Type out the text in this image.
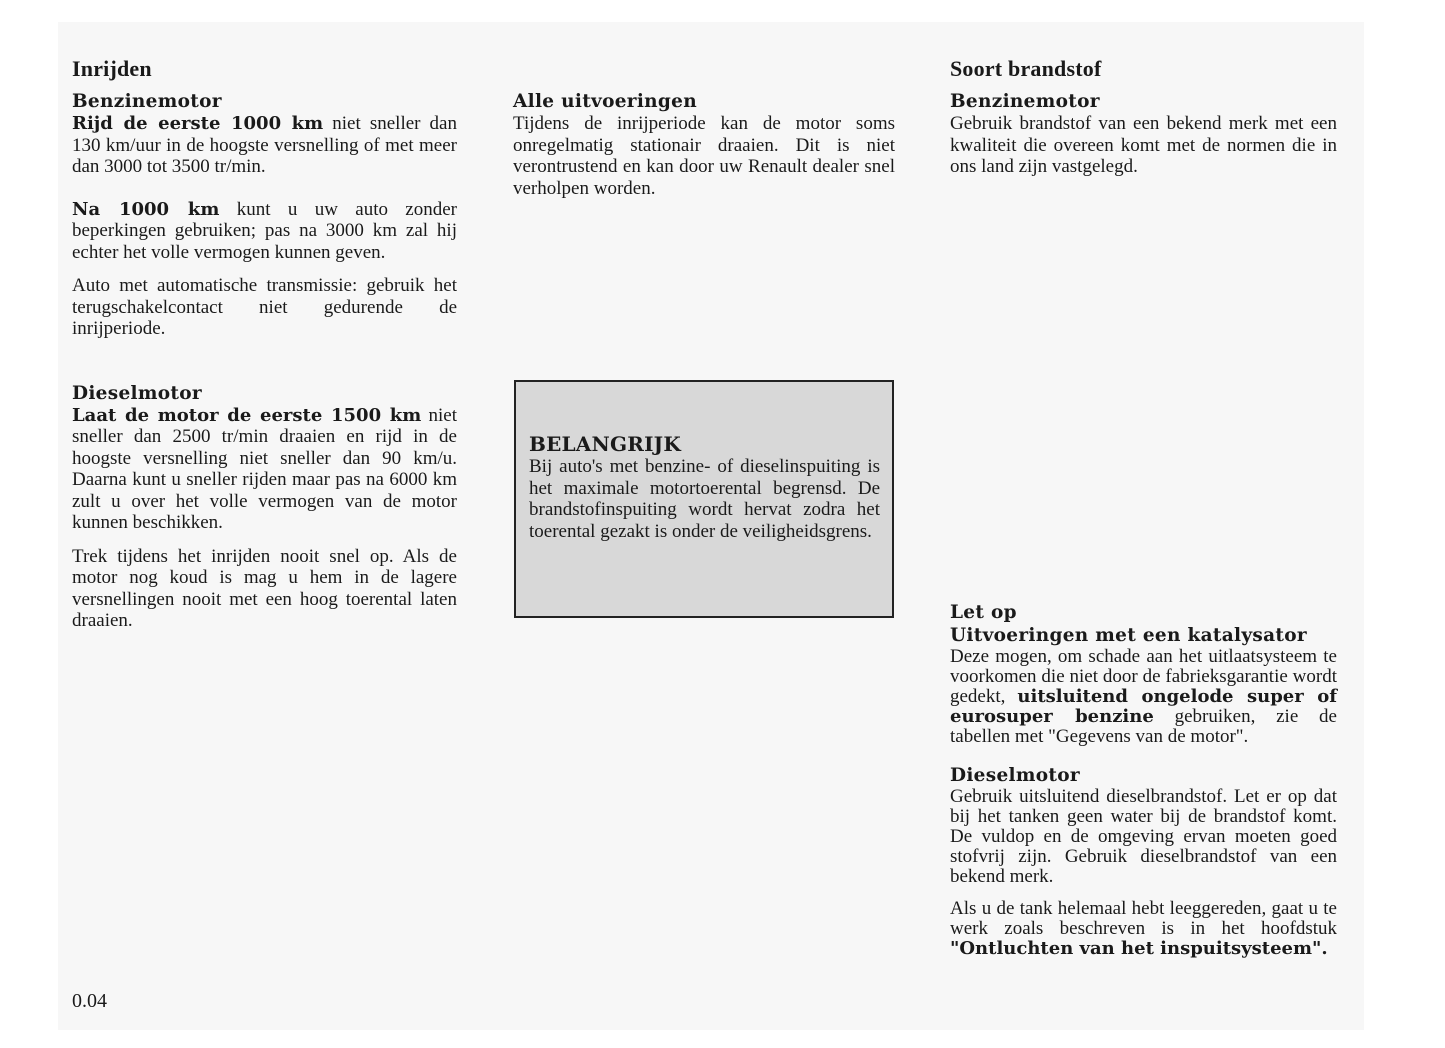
Inrijden
Benzinemotor

Rijd de eerste 1000 km niet sneller dan 130 km/uur in de hoogste versnelling of met meer dan 3000 tot 3500 tr/min.

Na 1000 km kunt u uw auto zonder beperkingen gebruiken; pas na 3000 km zal hij echter het volle vermogen kunnen geven.

Auto met automatische transmissie: gebruik het terugschakelcontact niet gedurende de inrijperiode.

Dieselmotor

Laat de motor de eerste 1500 km niet sneller dan 2500 tr/min draaien en rijd in de hoogste versnelling niet sneller dan 90 km/u. Daarna kunt u sneller rijden maar pas na 6000 km zult u over het volle vermogen van de motor kunnen beschikken.

Trek tijdens het inrijden nooit snel op. Als de motor nog koud is mag u hem in de lagere versnellingen nooit met een hoog toerental laten draaien.

Alle uitvoeringen

Tijdens de inrijperiode kan de motor soms onregelmatig stationair draaien. Dit is niet verontrustend en kan door uw Renault dealer snel verholpen worden.

BELANGRIJK

Bij auto's met benzine- of dieselinspuiting is het maximale motortoerental begrensd. De brandstofinspuiting wordt hervat zodra het toerental gezakt is onder de veiligheidsgrens.

Soort brandstof
Benzinemotor

Gebruik brandstof van een bekend merk met een kwaliteit die overeen komt met de normen die in ons land zijn vastgelegd.

Let op
Uitvoeringen met een katalysator

Deze mogen, om schade aan het uitlaatsysteem te voorkomen die niet door de fabrieksgarantie wordt gedekt, uitsluitend ongelode super of eurosuper benzine gebruiken, zie de tabellen met "Gegevens van de motor".

Dieselmotor

Gebruik uitsluitend dieselbrandstof. Let er op dat bij het tanken geen water bij de brandstof komt. De vuldop en de omgeving ervan moeten goed stofvrij zijn. Gebruik dieselbrandstof van een bekend merk.

Als u de tank helemaal hebt leeggereden, gaat u te werk zoals beschreven is in het hoofdstuk "Ontluchten van het inspuitsysteem".

0.04
